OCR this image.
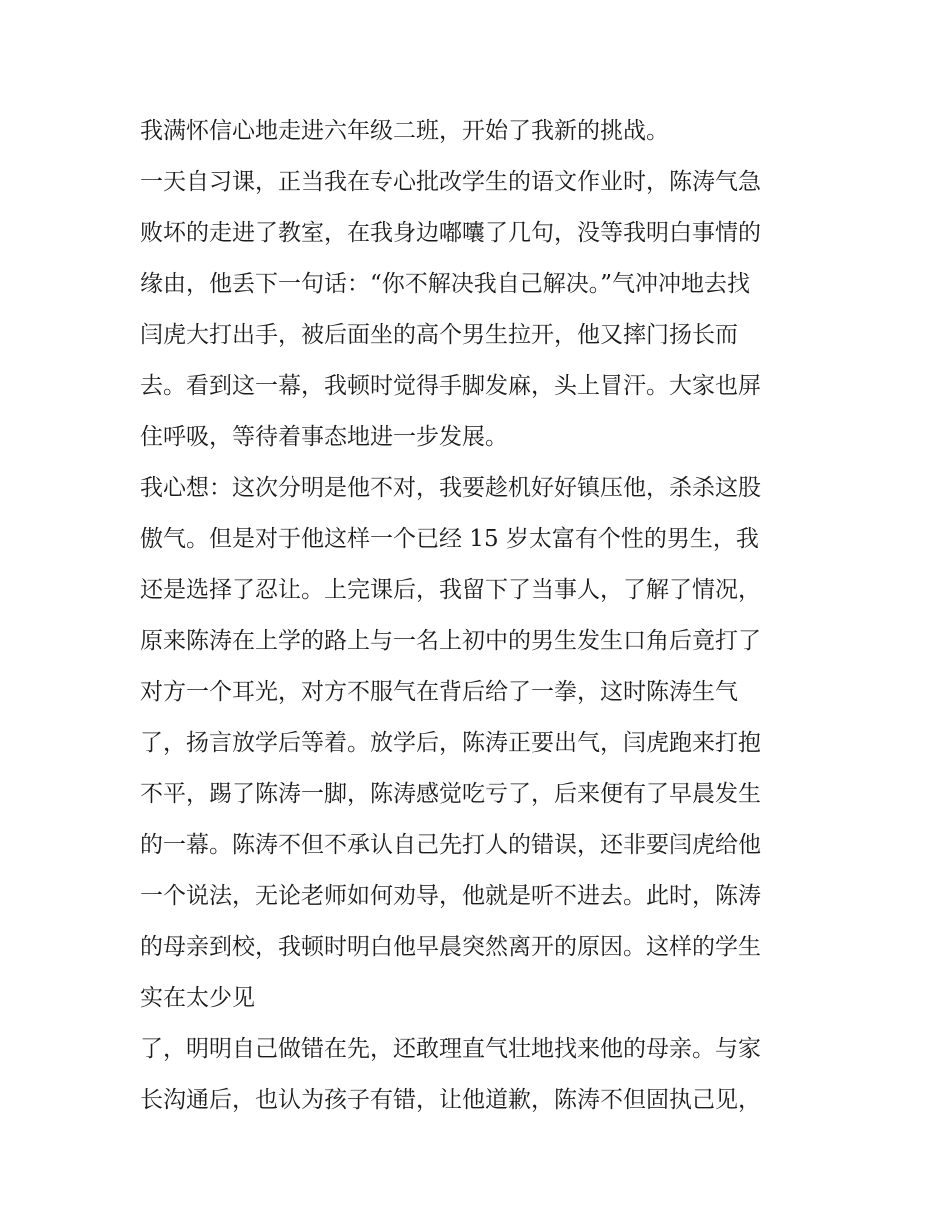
我满怀信心地走进六年级二班，开始了我新的挑战。
一天自习课，正当我在专心批改学生的语文作业时，陈涛气急
败坏的走进了教室，在我身边嘟囔了几句，没等我明白事情的
缘由，他丢下一句话：“你不解决我自己解决。”气冲冲地去找
闫虎大打出手，被后面坐的高个男生拉开，他又摔门扬长而
去。看到这一幕，我顿时觉得手脚发麻，头上冒汗。大家也屏
住呼吸，等待着事态地进一步发展。
我心想：这次分明是他不对，我要趁机好好镇压他，杀杀这股
傲气。但是对于他这样一个已经 15 岁太富有个性的男生，我
还是选择了忍让。上完课后，我留下了当事人，了解了情况，
原来陈涛在上学的路上与一名上初中的男生发生口角后竟打了
对方一个耳光，对方不服气在背后给了一拳，这时陈涛生气
了，扬言放学后等着。放学后，陈涛正要出气，闫虎跑来打抱
不平，踢了陈涛一脚，陈涛感觉吃亏了，后来便有了早晨发生
的一幕。陈涛不但不承认自己先打人的错误，还非要闫虎给他
一个说法，无论老师如何劝导，他就是听不进去。此时，陈涛
的母亲到校，我顿时明白他早晨突然离开的原因。这样的学生
实在太少见
了，明明自己做错在先，还敢理直气壮地找来他的母亲。与家
长沟通后，也认为孩子有错，让他道歉，陈涛不但固执己见，
